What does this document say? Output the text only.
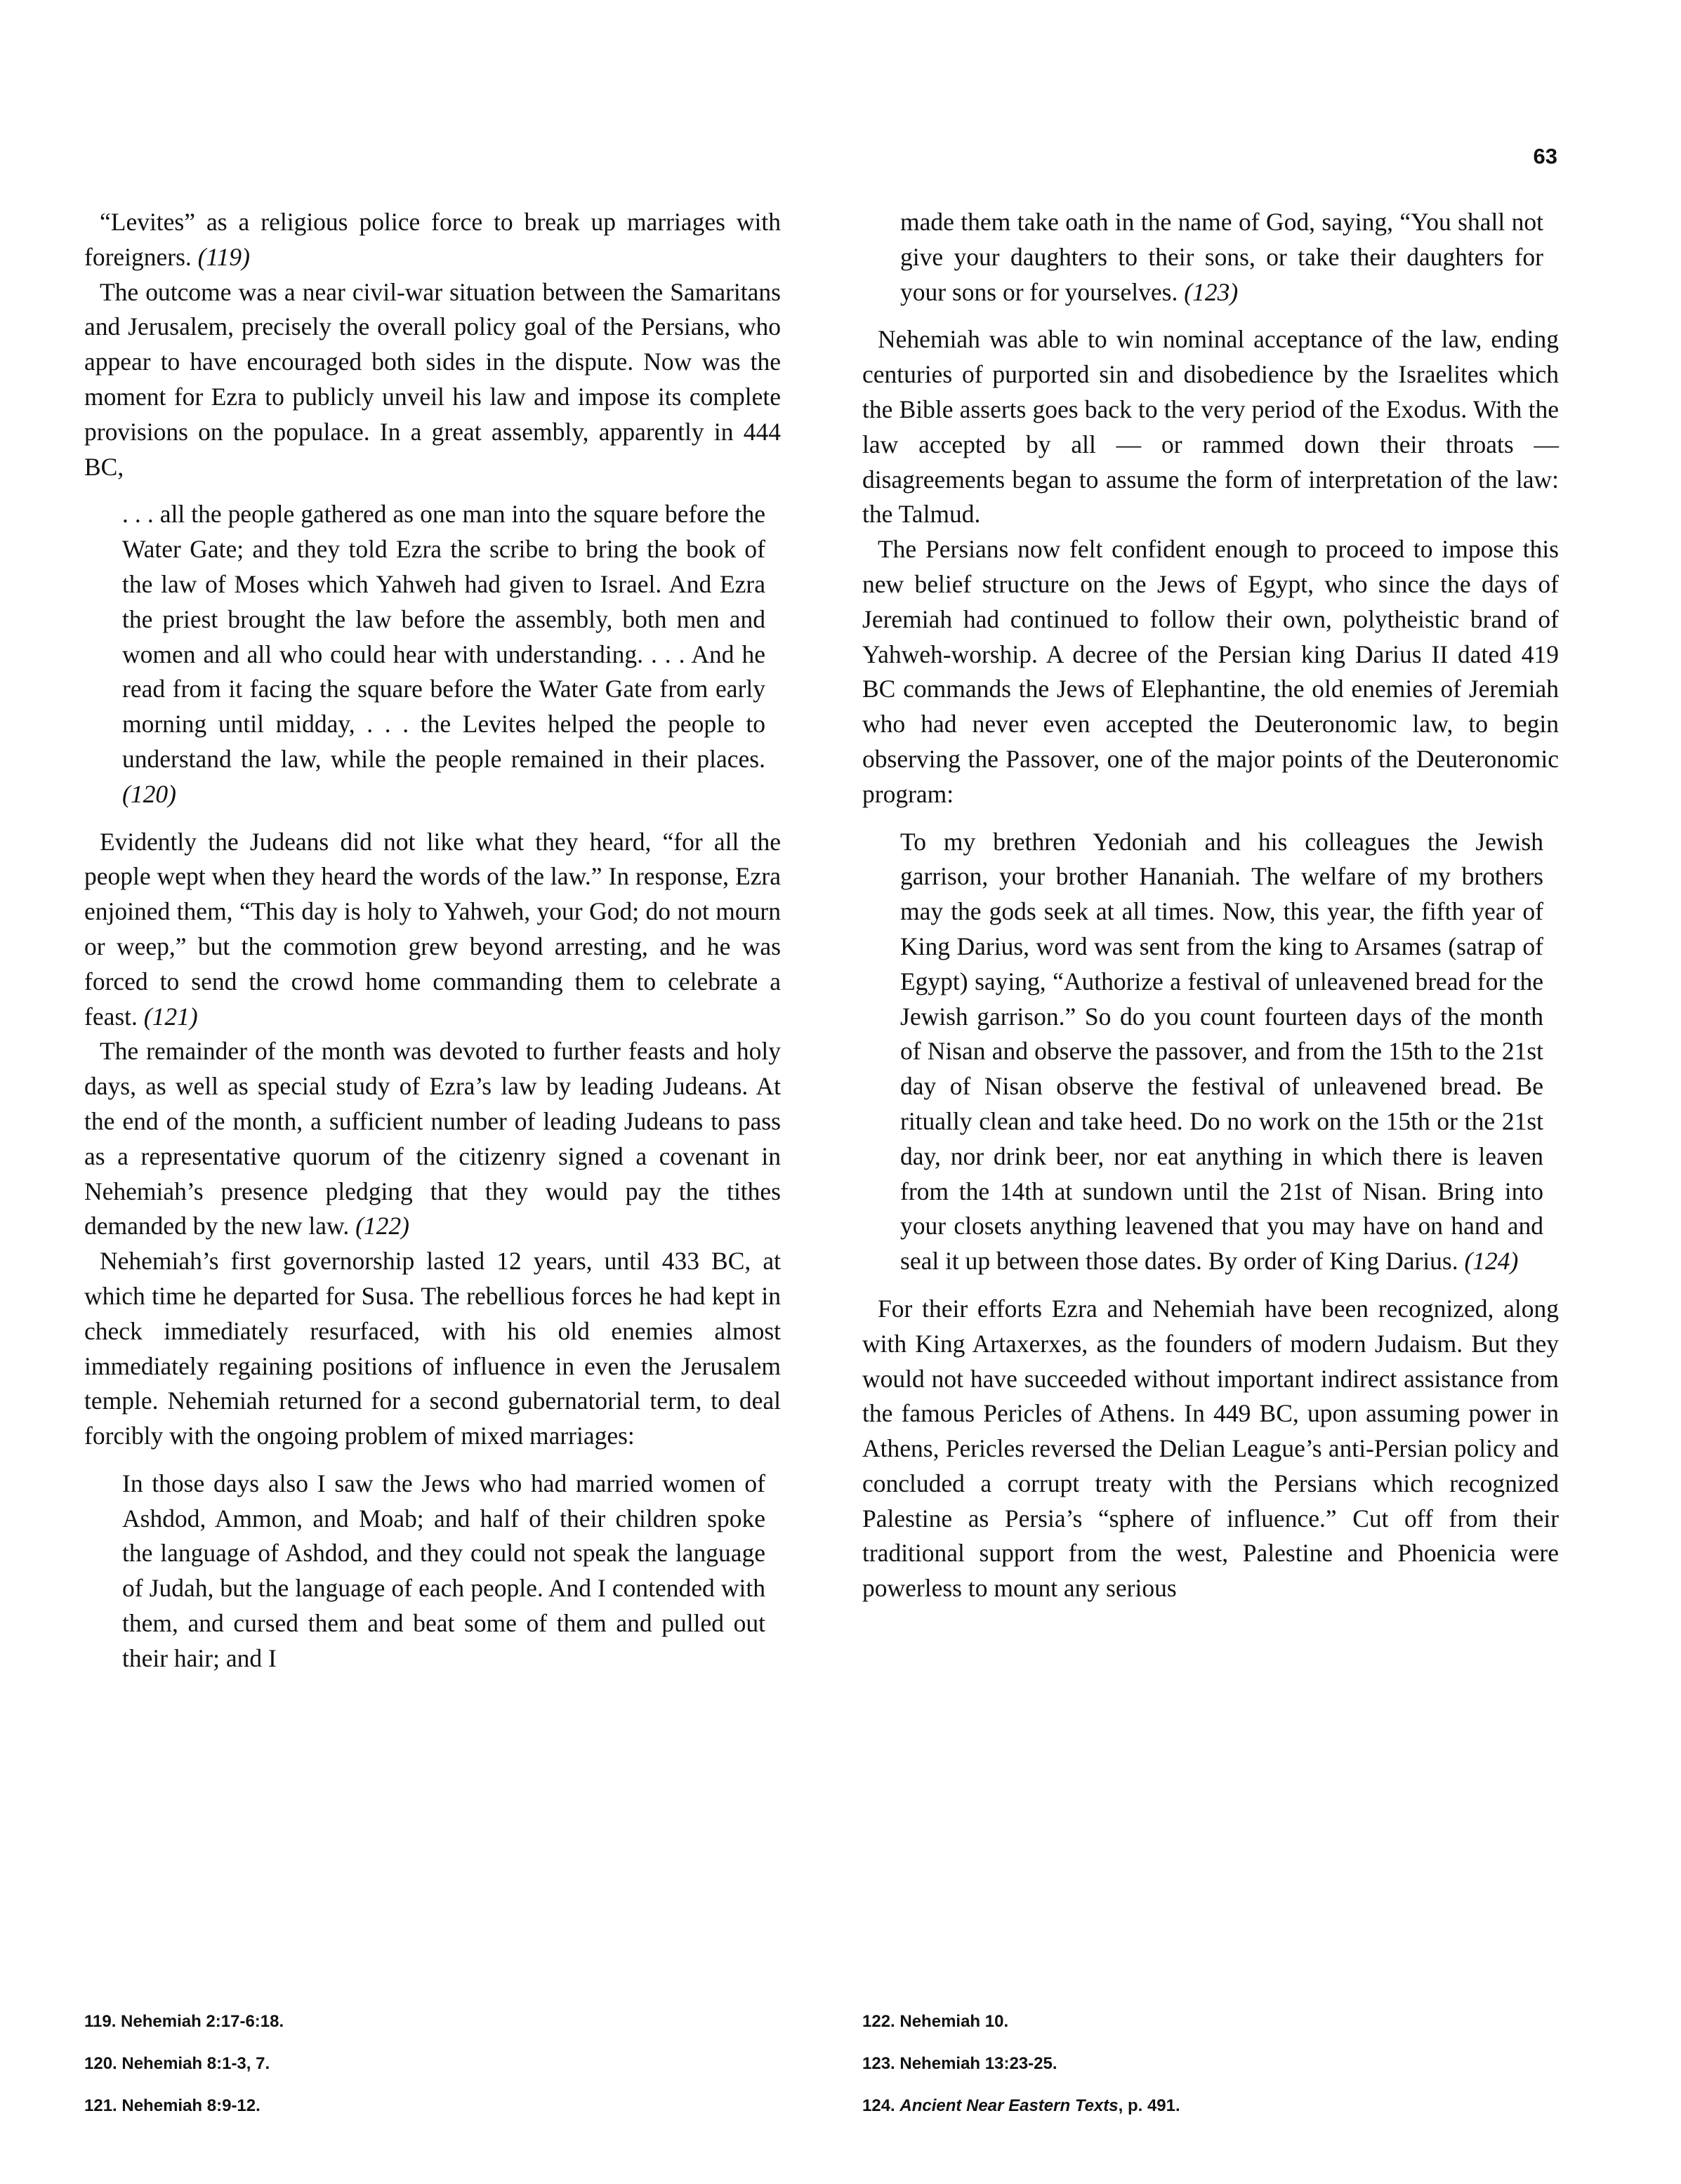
63

“Levites” as a religious police force to break up marriages with foreigners. (119)

The outcome was a near civil-war situation between the Samaritans and Jerusalem, precisely the overall policy goal of the Persians, who appear to have encouraged both sides in the dispute. Now was the moment for Ezra to publicly unveil his law and impose its complete provisions on the populace. In a great assembly, apparently in 444 BC,

. . . all the people gathered as one man into the square before the Water Gate; and they told Ezra the scribe to bring the book of the law of Moses which Yahweh had given to Israel. And Ezra the priest brought the law before the assembly, both men and women and all who could hear with understanding. . . . And he read from it facing the square before the Water Gate from early morning until midday, . . . the Levites helped the people to understand the law, while the people remained in their places. (120)

Evidently the Judeans did not like what they heard, “for all the people wept when they heard the words of the law.” In response, Ezra enjoined them, “This day is holy to Yahweh, your God; do not mourn or weep,” but the commotion grew beyond arresting, and he was forced to send the crowd home commanding them to celebrate a feast. (121)

The remainder of the month was devoted to further feasts and holy days, as well as special study of Ezra’s law by leading Judeans. At the end of the month, a sufficient number of leading Judeans to pass as a representative quorum of the citizenry signed a covenant in Nehemiah’s presence pledging that they would pay the tithes demanded by the new law. (122)

Nehemiah’s first governorship lasted 12 years, until 433 BC, at which time he departed for Susa. The rebellious forces he had kept in check immediately resurfaced, with his old enemies almost immediately regaining positions of influence in even the Jerusalem temple. Nehemiah returned for a second gubernatorial term, to deal forcibly with the ongoing problem of mixed marriages:

In those days also I saw the Jews who had married women of Ashdod, Ammon, and Moab; and half of their children spoke the language of Ashdod, and they could not speak the language of Judah, but the language of each people. And I contended with them, and cursed them and beat some of them and pulled out their hair; and I

made them take oath in the name of God, saying, “You shall not give your daughters to their sons, or take their daughters for your sons or for yourselves. (123)

Nehemiah was able to win nominal acceptance of the law, ending centuries of purported sin and disobedience by the Israelites which the Bible asserts goes back to the very period of the Exodus. With the law accepted by all — or rammed down their throats — disagreements began to assume the form of interpretation of the law: the Talmud.

The Persians now felt confident enough to proceed to impose this new belief structure on the Jews of Egypt, who since the days of Jeremiah had continued to follow their own, polytheistic brand of Yahweh-worship. A decree of the Persian king Darius II dated 419 BC commands the Jews of Elephantine, the old enemies of Jeremiah who had never even accepted the Deuteronomic law, to begin observing the Passover, one of the major points of the Deuteronomic program:

To my brethren Yedoniah and his colleagues the Jewish garrison, your brother Hananiah. The welfare of my brothers may the gods seek at all times. Now, this year, the fifth year of King Darius, word was sent from the king to Arsames (satrap of Egypt) saying, “Authorize a festival of unleavened bread for the Jewish garrison.” So do you count fourteen days of the month of Nisan and observe the passover, and from the 15th to the 21st day of Nisan observe the festival of unleavened bread. Be ritually clean and take heed. Do no work on the 15th or the 21st day, nor drink beer, nor eat anything in which there is leaven from the 14th at sundown until the 21st of Nisan. Bring into your closets anything leavened that you may have on hand and seal it up between those dates. By order of King Darius. (124)

For their efforts Ezra and Nehemiah have been recognized, along with King Artaxerxes, as the founders of modern Judaism. But they would not have succeeded without important indirect assistance from the famous Pericles of Athens. In 449 BC, upon assuming power in Athens, Pericles reversed the Delian League’s anti-Persian policy and concluded a corrupt treaty with the Persians which recognized Palestine as Persia’s “sphere of influence.” Cut off from their traditional support from the west, Palestine and Phoenicia were powerless to mount any serious

119. Nehemiah 2:17-6:18.
120. Nehemiah 8:1-3, 7.
121. Nehemiah 8:9-12.
122. Nehemiah 10.
123. Nehemiah 13:23-25.
124. Ancient Near Eastern Texts, p. 491.
